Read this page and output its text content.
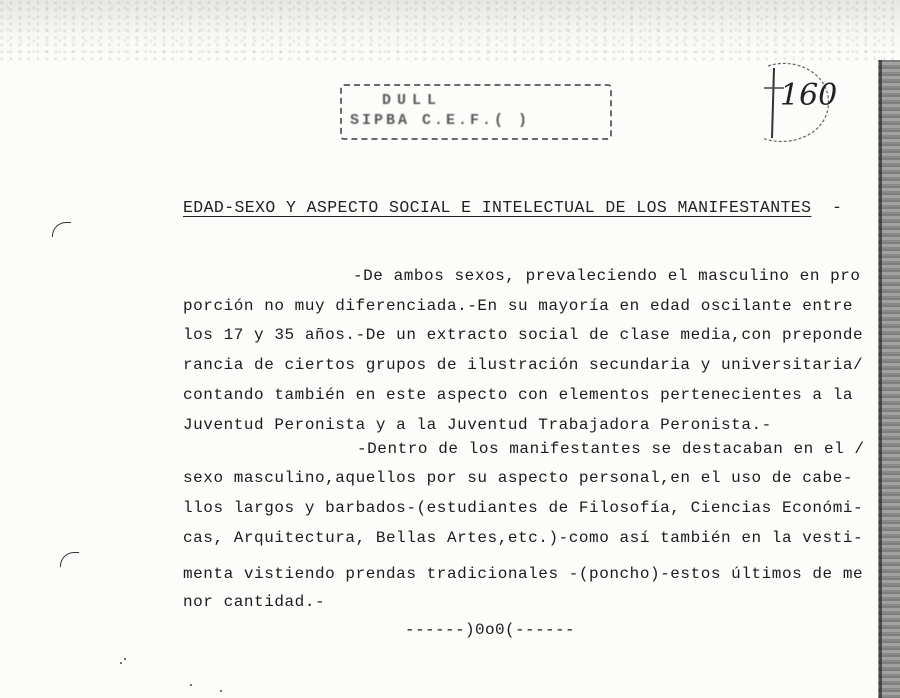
DULL
SIPBA C.E.F.( )
160
EDAD-SEXO Y ASPECTO SOCIAL E INTELECTUAL DE LOS MANIFESTANTES -
-De ambos sexos, prevaleciendo el masculino en pro
porción no muy diferenciada.-En su mayoría en edad oscilante entre
los 17 y 35 años.-De un extracto social de clase media,con preponde
rancia de ciertos grupos de ilustración secundaria y universitaria/
contando también en este aspecto con elementos pertenecientes a la
Juventud Peronista y a la Juventud Trabajadora Peronista.-
-Dentro de los manifestantes se destacaban en el /
sexo masculino,aquellos por su aspecto personal,en el uso de cabe-
llos largos y barbados-(estudiantes de Filosofía, Ciencias Económi-
cas, Arquitectura, Bellas Artes,etc.)-como así también en la vesti-
menta vistiendo prendas tradicionales -(poncho)-estos últimos de me
nor cantidad.-
------)0o0(------
